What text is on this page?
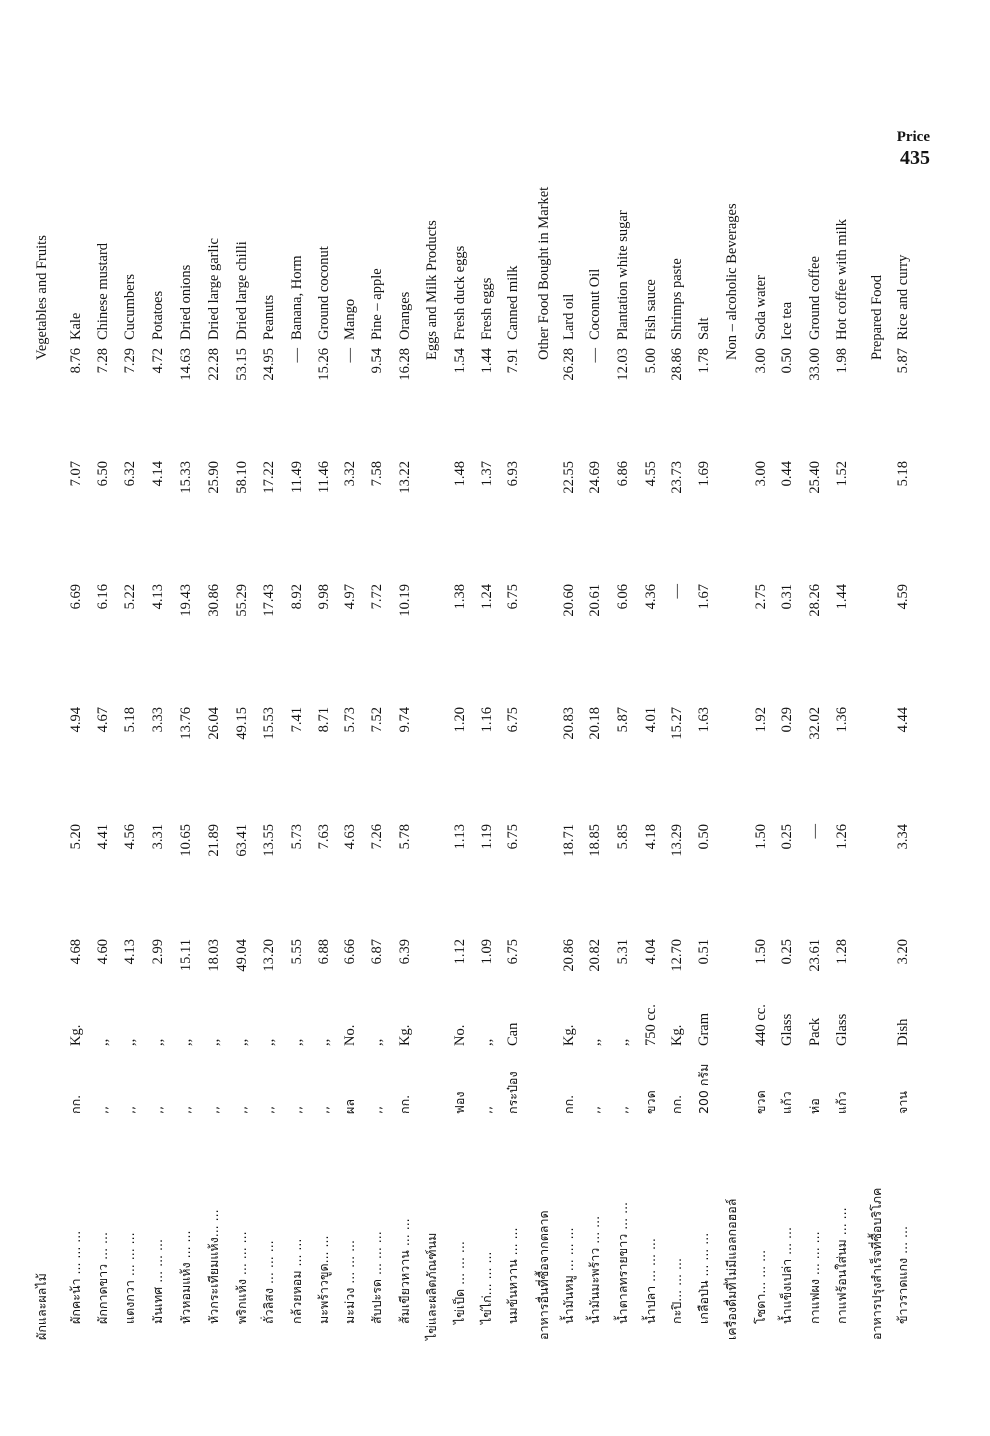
Price
435
ผักและผลไม้
Vegetables and Fruits
ผักคะน้า ... ... ...
กก.
Kg.
4.68
5.20
4.94
6.69
7.07
8.76
Kale
ผักกาดขาว ... ...
,,
,,
4.60
4.41
4.67
6.16
6.50
7.28
Chinese mustard
แตงกวา ... ... ...
,,
,,
4.13
4.56
5.18
5.22
6.32
7.29
Cucumbers
มันเทศ ... ... ...
,,
,,
2.99
3.31
3.33
4.13
4.14
4.72
Potatoes
หัวหอมแห้ง ... ...
,,
,,
15.11
10.65
13.76
19.43
15.33
14.63
Dried onions
หัวกระเทียมแห้ง... ...
,,
,,
18.03
21.89
26.04
30.86
25.90
22.28
Dried large garlic
พริกแห้ง ... ... ...
,,
,,
49.04
63.41
49.15
55.29
58.10
53.15
Dried large chilli
ถั่วลิสง ... ... ...
,,
,,
13.20
13.55
15.53
17.43
17.22
24.95
Peanuts
กล้วยหอม ... ...
,,
,,
5.55
5.73
7.41
8.92
11.49
—
Banana, Horm
มะพร้าวขูด... ...
,,
,,
6.88
7.63
8.71
9.98
11.46
15.26
Ground coconut
มะม่วง ... ... ...
ผล
No.
6.66
4.63
5.73
4.97
3.32
—
Mango
สับปะรด ... ... ...
,,
,,
6.87
7.26
7.52
7.72
7.58
9.54
Pine – apple
ส้มเขียวหวาน ... ...
กก.
Kg.
6.39
5.78
9.74
10.19
13.22
16.28
Oranges
ไข่และผลิตภัณฑ์นม
Eggs and Milk Products
ไข่เป็ด ... ... ...
ฟอง
No.
1.12
1.13
1.20
1.38
1.48
1.54
Fresh duck eggs
ไข่ไก่... ... ...
,,
,,
1.09
1.19
1.16
1.24
1.37
1.44
Fresh eggs
นมข้นหวาน ... ...
กระป๋อง
Can
6.75
6.75
6.75
6.75
6.93
7.91
Canned milk
อาหารอื่นที่ซื้อจากตลาด
Other Food Bought in Market
น้ำมันหมู ... ... ...
กก.
Kg.
20.86
18.71
20.83
20.60
22.55
26.28
Lard oil
น้ำมันมะพร้าว ... ...
,,
,,
20.82
18.85
20.18
20.61
24.69
—
Coconut Oil
น้ำตาลทรายขาว ... ...
,,
,,
5.31
5.85
5.87
6.06
6.86
12.03
Plantation white sugar
น้ำปลา ... ... ...
ขวด
750 cc.
4.04
4.18
4.01
4.36
4.55
5.00
Fish sauce
กะปิ... ... ...
กก.
Kg.
12.70
13.29
15.27
—
23.73
28.86
Shrimps paste
เกลือป่น ... ... ...
200 กรัม
Gram
0.51
0.50
1.63
1.67
1.69
1.78
Salt
เครื่องดื่มที่ไม่มีแอลกอฮอล์
Non – alcoholic Beverages
โซดา... ... ...
ขวด
440 cc.
1.50
1.50
1.92
2.75
3.00
3.00
Soda water
น้ำแข็งเปล่า ... ...
แก้ว
Glass
0.25
0.25
0.29
0.31
0.44
0.50
Ice tea
กาแฟผง ... ... ...
ห่อ
Pack
23.61
—
32.02
28.26
25.40
33.00
Ground coffee
กาแฟร้อนใส่นม ... ...
แก้ว
Glass
1.28
1.26
1.36
1.44
1.52
1.98
Hot coffee with milk
อาหารปรุงสำเร็จที่ซื้อบริโภค
Prepared Food
ข้าวราดแกง ... ...
จาน
Dish
3.20
3.34
4.44
4.59
5.18
5.87
Rice and curry
